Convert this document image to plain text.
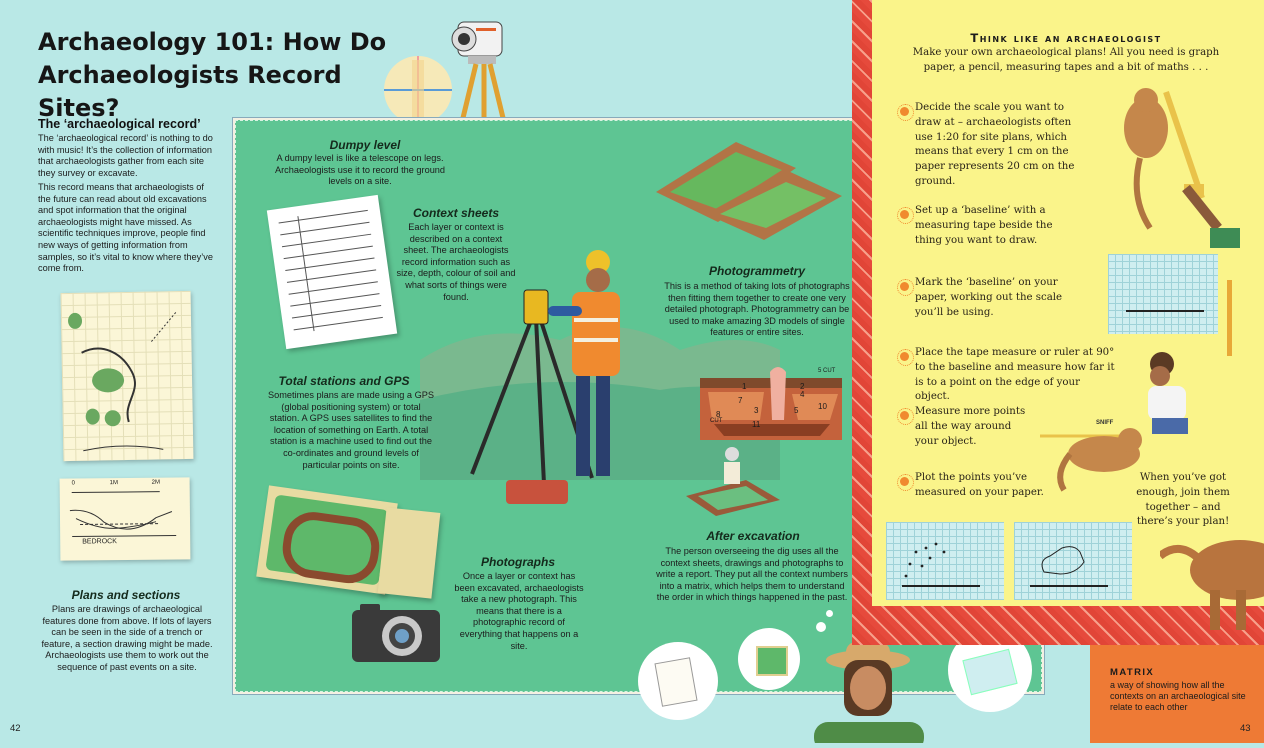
Archaeology 101: How Do Archaeologists Record Sites?
The ‘archaeological record’
The ‘archaeological record’ is nothing to do with music! It’s the collection of information that archaeologists gather from each site they survey or excavate.
This record means that archaeologists of the future can read about old excavations and spot information that the original archaeologists might have missed. As scientific techniques improve, people find new ways of getting information from samples, so it’s vital to know where they’ve come from.
0	1M	2M
BEDROCK
Plans and sections
Plans are drawings of archaeological features done from above. If lots of layers can be seen in the side of a trench or feature, a section drawing might be made. Archaeologists use them to work out the sequence of past events on a site.
42
Dumpy level
A dumpy level is like a telescope on legs. Archaeologists use it to record the ground levels on a site.
Context sheets
Each layer or context is described on a context sheet. The archaeologists record information such as size, depth, colour of soil and what sorts of things were found.
Photogrammetry
This is a method of taking lots of photographs then fitting them together to create one very detailed photograph. Photogrammetry can be used to make amazing 3D models of single features or entire sites.
1	2
3
4
5
7
8
10
11
CUT
5 CUT
Total stations and GPS
Sometimes plans are made using a GPS (global positioning system) or total station. A GPS uses satellites to find the location of something on Earth. A total station is a machine used to find out the co-ordinates and ground levels of particular points on site.
Photographs
Once a layer or context has been excavated, archaeologists take a new photograph. This means that there is a photographic record of everything that happens on a site.
After excavation
The person overseeing the dig uses all the context sheets, drawings and photographs to write a report. They put all the context numbers into a matrix, which helps them to understand the order in which things happened in the past.
Think like an archaeologist
Make your own archaeological plans! All you need is graph paper, a pencil, measuring tapes and a bit of maths . . .
Decide the scale you want to draw at – archaeologists often use 1:20 for site plans, which means that every 1 cm on the paper represents 20 cm on the ground.
Set up a ‘baseline’ with a measuring tape beside the thing you want to draw.
Mark the ‘baseline’ on your paper, working out the scale you’ll be using.
Place the tape measure or ruler at 90° to the baseline and measure how far it is to a point on the edge of your object.
Measure more points all the way around your object.
Plot the points you’ve measured on your paper.
When you’ve got enough, join them together – and there’s your plan!
SNIFF
MATRIX
a way of showing how all the contexts on an archaeological site relate to each other
43
